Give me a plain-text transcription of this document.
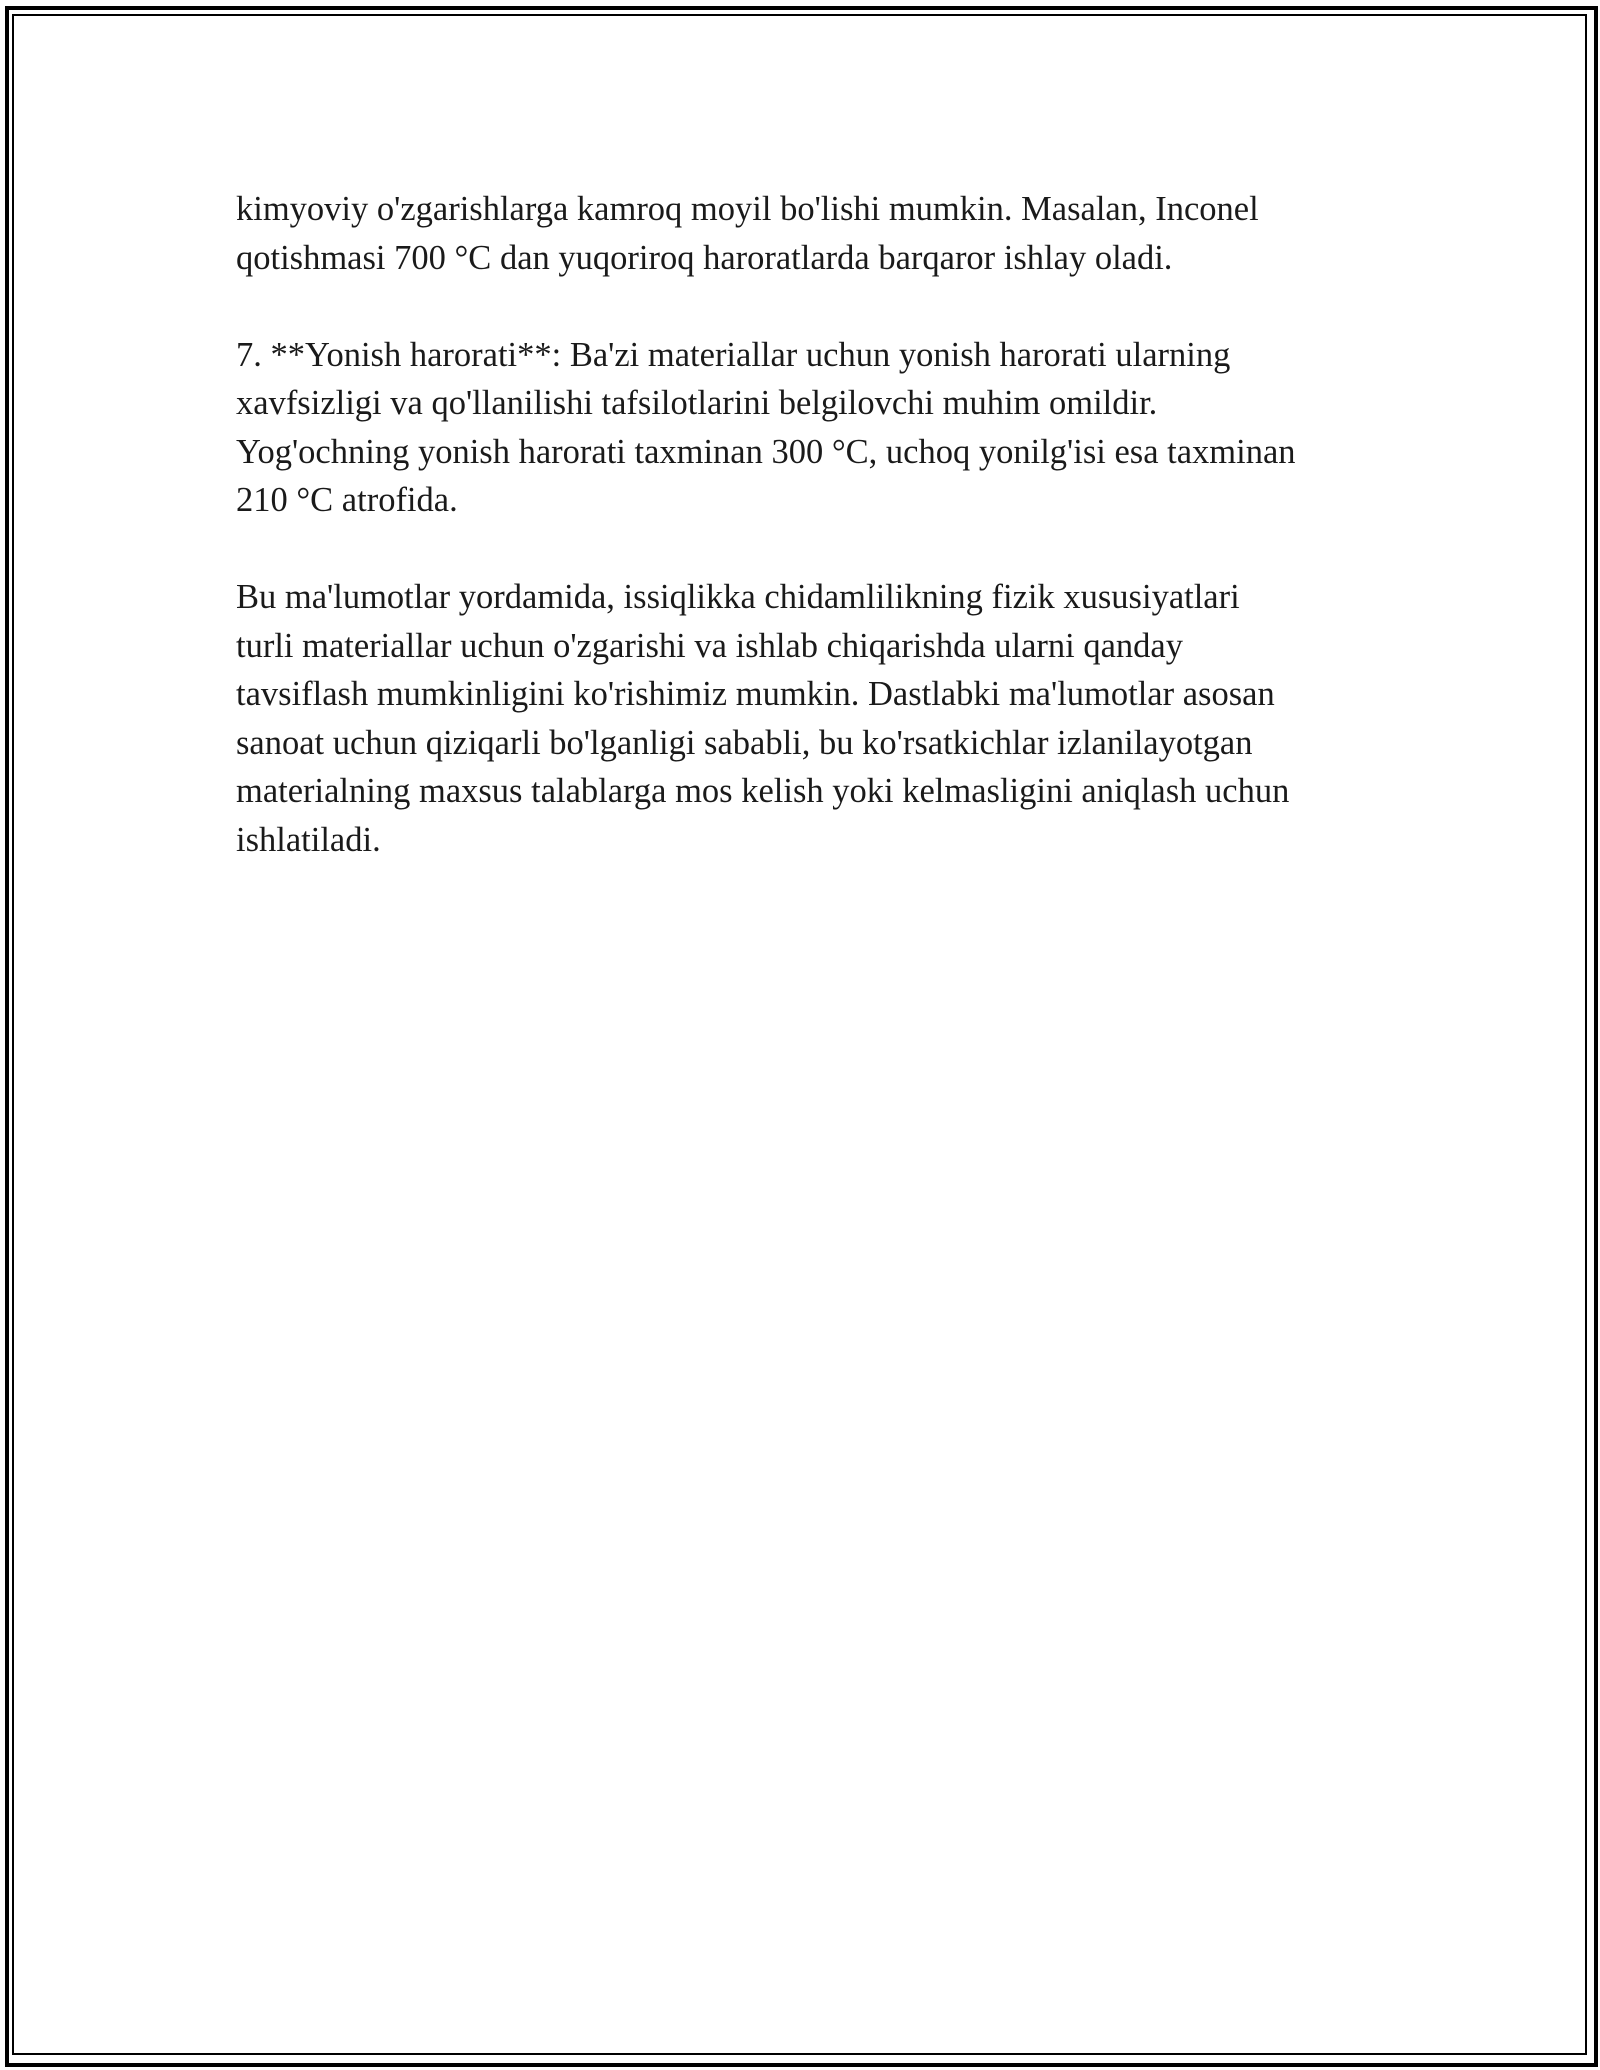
kimyoviy o'zgarishlarga kamroq moyil bo'lishi mumkin. Masalan, Inconel
qotishmasi 700 °C dan yuqoriroq haroratlarda barqaror ishlay oladi.

7. **Yonish harorati**: Ba'zi materiallar uchun yonish harorati ularning
xavfsizligi va qo'llanilishi tafsilotlarini belgilovchi muhim omildir.
Yog'ochning yonish harorati taxminan 300 °C, uchoq yonilg'isi esa taxminan
210 °C atrofida.

Bu ma'lumotlar yordamida, issiqlikka chidamlilikning fizik xususiyatlari
turli materiallar uchun o'zgarishi va ishlab chiqarishda ularni qanday
tavsiflash mumkinligini ko'rishimiz mumkin. Dastlabki ma'lumotlar asosan
sanoat uchun qiziqarli bo'lganligi sababli, bu ko'rsatkichlar izlanilayotgan
materialning maxsus talablarga mos kelish yoki kelmasligini aniqlash uchun
ishlatiladi.
